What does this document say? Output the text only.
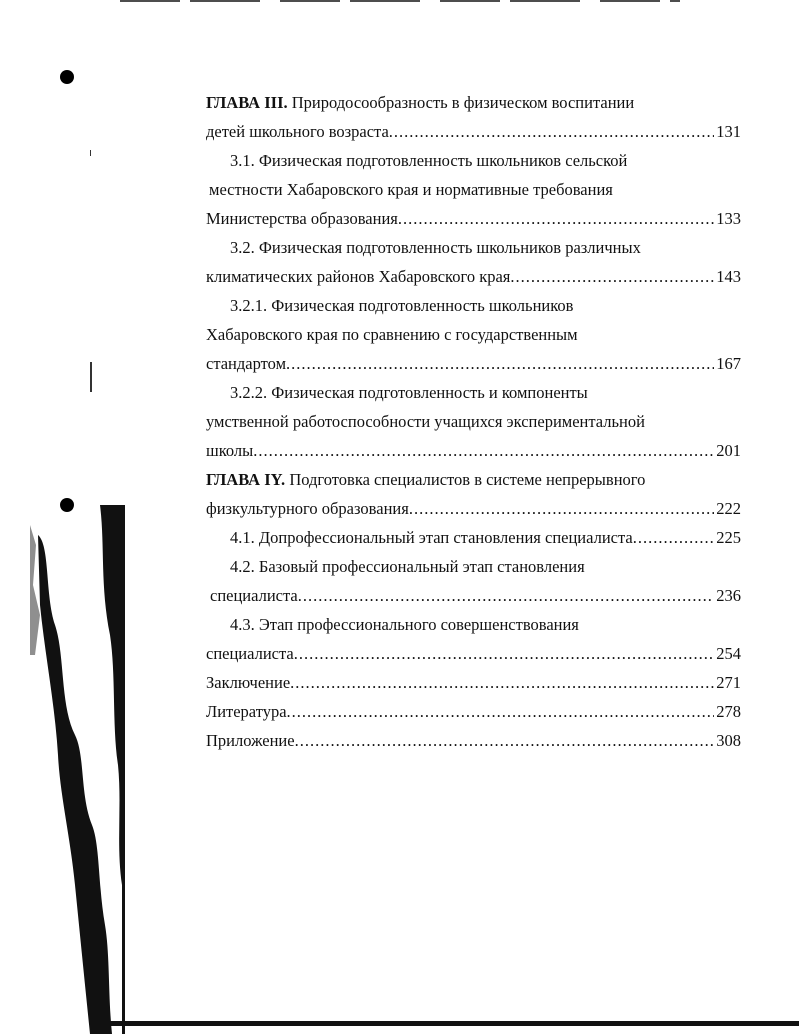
ГЛАВА III. Природосообразность в физическом воспитании
детей школьного возраста .....	131
3.1. Физическая подготовленность школьников сельской
местности Хабаровского края и нормативные требования
Министерства образования .....	133
3.2. Физическая подготовленность школьников различных
климатических районов Хабаровского края .....	143
3.2.1. Физическая подготовленность школьников
Хабаровского края по сравнению с государственным
стандартом .....	167
3.2.2. Физическая подготовленность и компоненты
умственной работоспособности учащихся экспериментальной
школы .....	201
ГЛАВА IY. Подготовка специалистов в системе непрерывного
физкультурного образования .....	222
4.1. Допрофессиональный этап становления специалиста .....	225
4.2. Базовый профессиональный этап становления
специалиста .....	236
4.3. Этап профессионального совершенствования
специалиста .....	254
Заключение .....	271
Литература .....	278
Приложение .....	308
